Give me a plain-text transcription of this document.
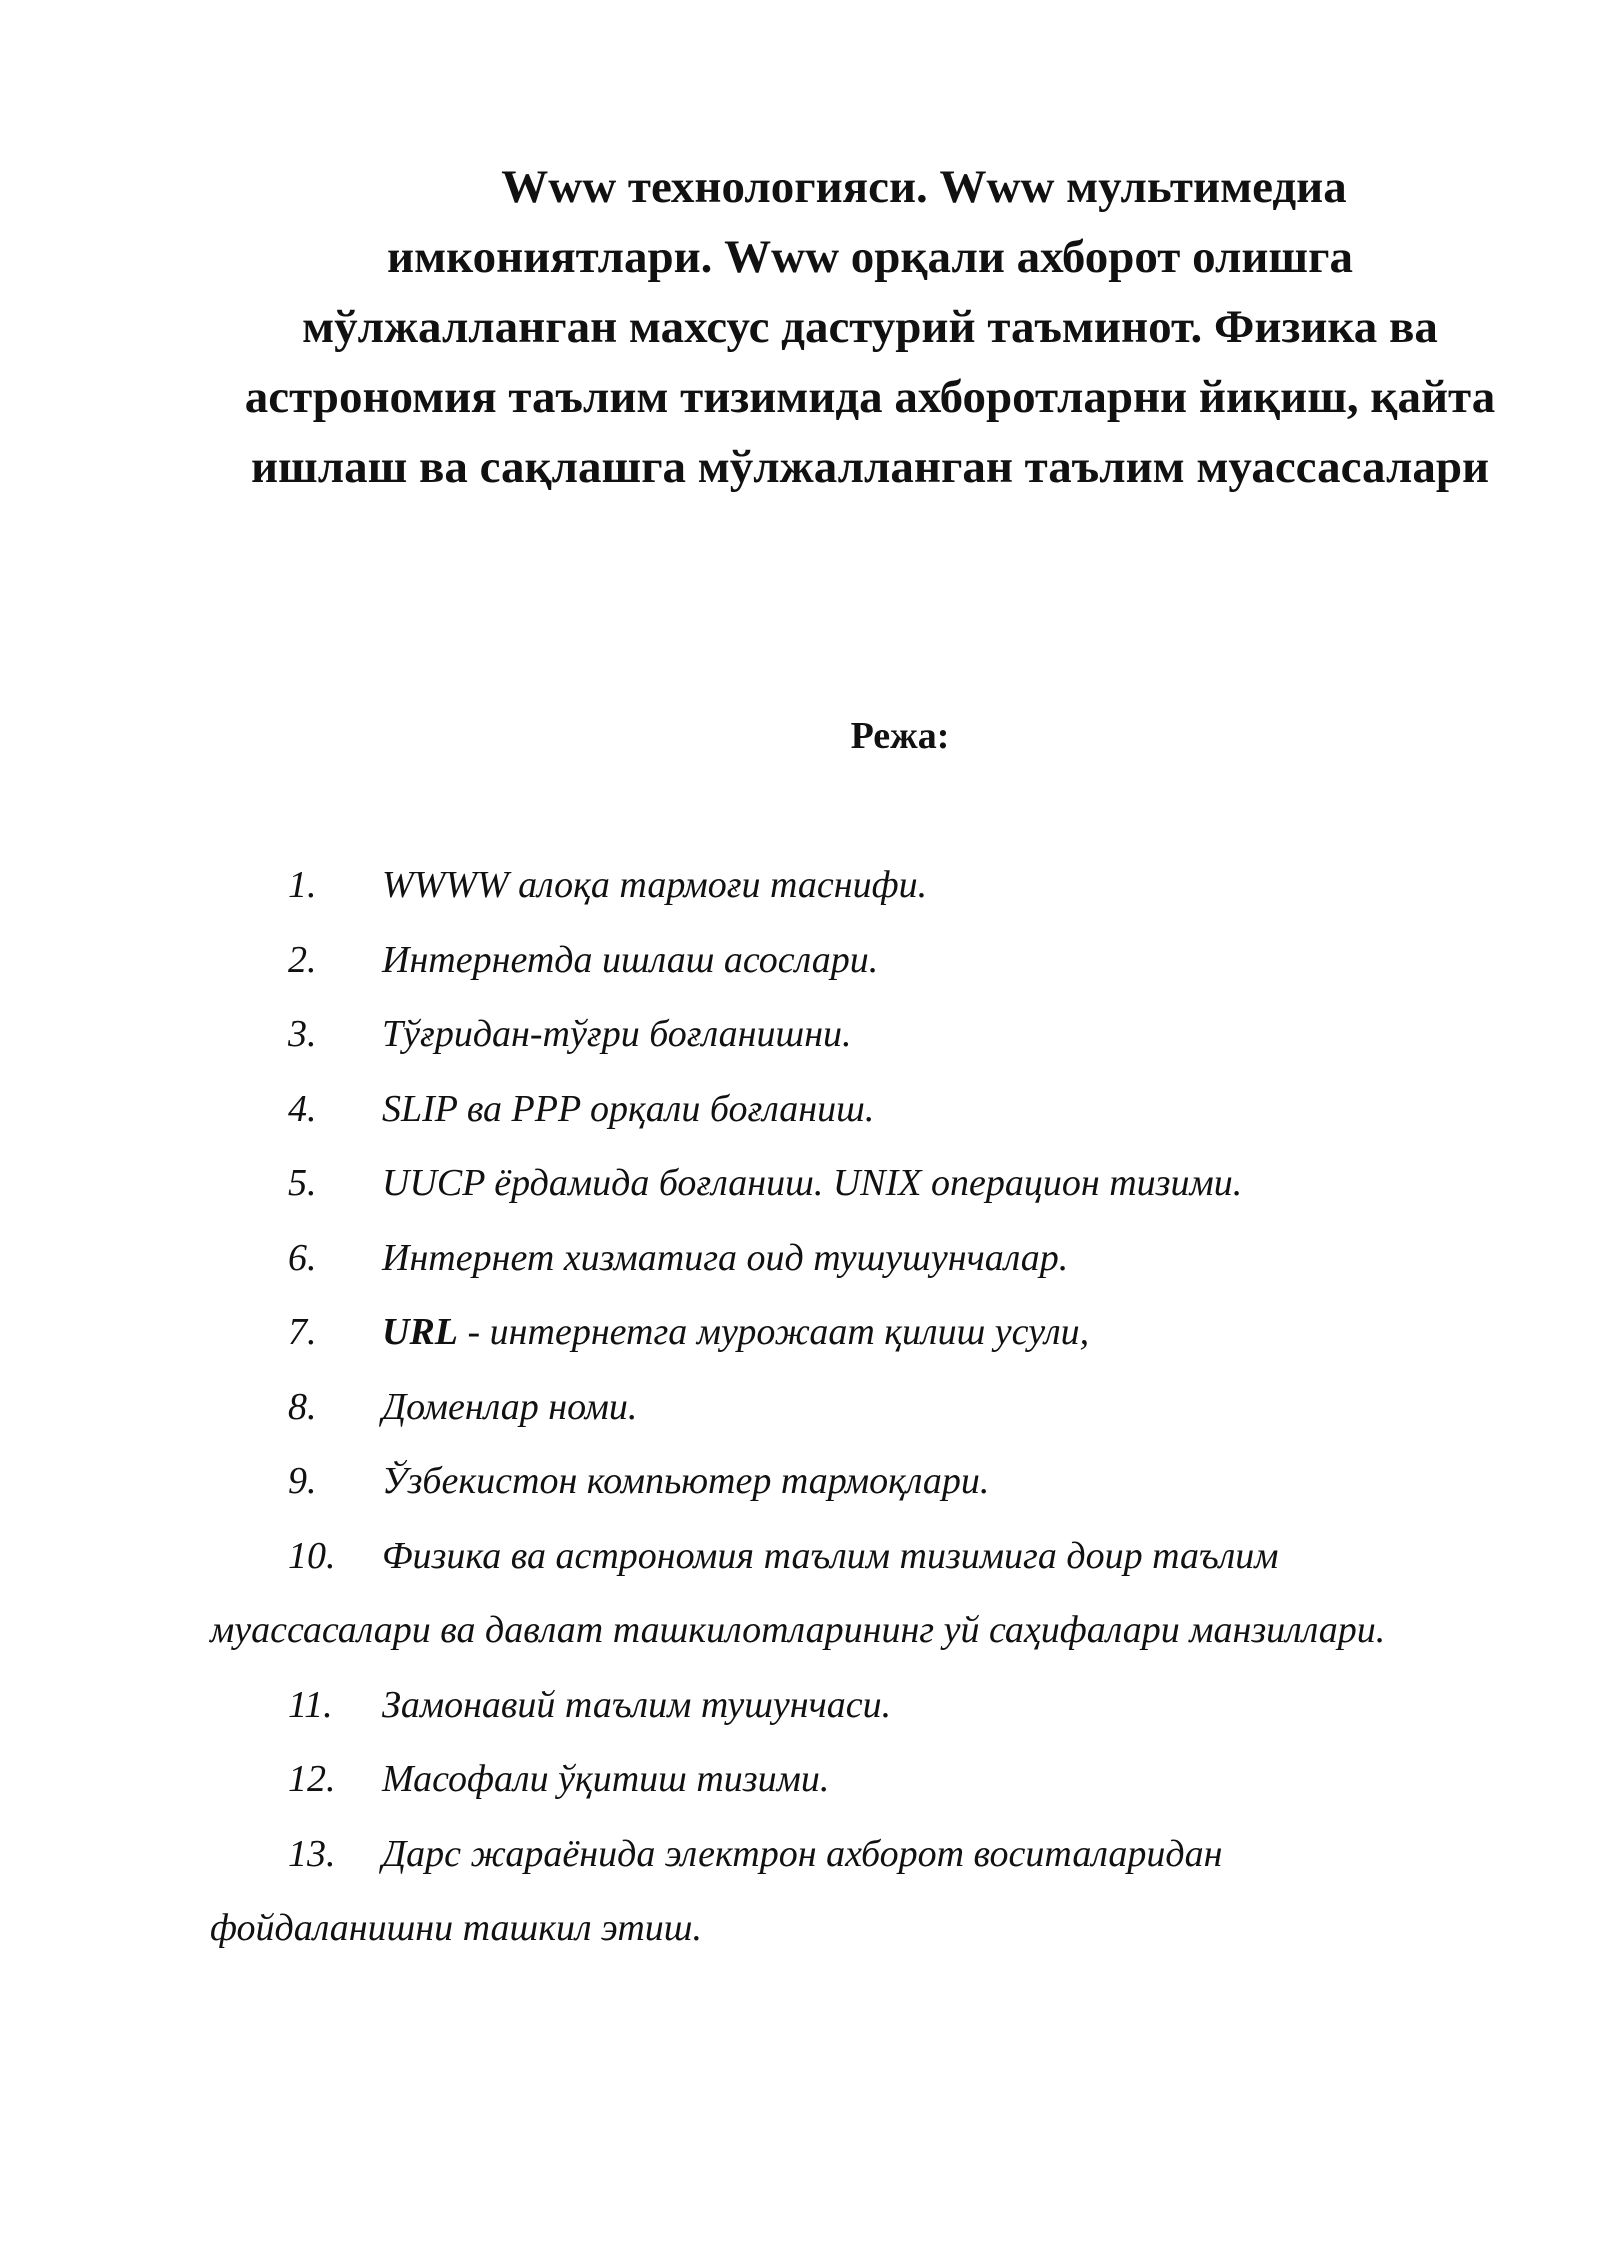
Www технологияси. Www мультимедиа имкониятлари. Www орқали ахборот олишга мўлжалланган махсус дастурий таъминот. Физика ва астрономия таълим тизимида ахборотларни йиқиш, қайта ишлаш ва сақлашга мўлжалланган таълим муассасалари
Режа:
1. WWWW алоқа тармоғи таснифи.
2. Интернетда ишлаш асослари.
3. Тўғридан-тўғри боғланишни.
4. SLIP ва PPP орқали боғланиш.
5. UUCP ёрдамида боғланиш. UNIX операцион тизими.
6. Интернет хизматига оид тушушунчалар.
7. URL - интернетга мурожаат қилиш усули,
8. Доменлар номи.
9. Ўзбекистон компьютер тармоқлари.
10. Физика ва астрономия таълим тизимига доир таълим муассасалари ва давлат ташкилотларининг уй саҳифалари манзиллари.
11. Замонавий таълим тушунчаси.
12. Масофали ўқитиш тизими.
13. Дарс жараёнида электрон ахборот воситаларидан фойдаланишни ташкил этиш.
